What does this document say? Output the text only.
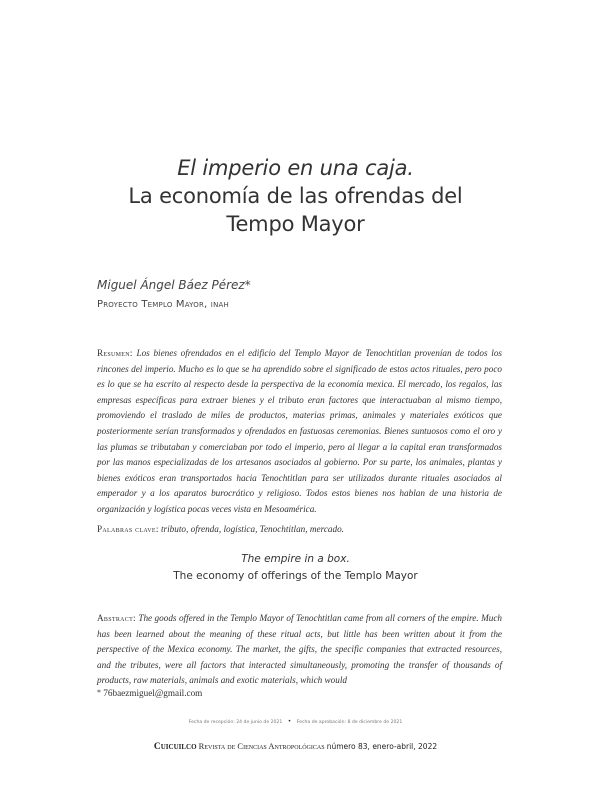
El imperio en una caja.
La economía de las ofrendas del
Tempo Mayor
Miguel Ángel Báez Pérez*
Proyecto Templo Mayor, inah
Resumen: Los bienes ofrendados en el edificio del Templo Mayor de Tenochtitlan provenían de todos los rincones del imperio. Mucho es lo que se ha aprendido sobre el significado de estos actos rituales, pero poco es lo que se ha escrito al respecto desde la perspectiva de la economía mexica. El mercado, los regalos, las empresas específicas para extraer bienes y el tributo eran factores que interactuaban al mismo tiempo, promoviendo el traslado de miles de productos, materias primas, animales y materiales exóticos que posteriormente serían transformados y ofrendados en fastuosas ceremonias. Bienes suntuosos como el oro y las plumas se tributaban y comerciaban por todo el imperio, pero al llegar a la capital eran transformados por las manos especializadas de los artesanos asociados al gobierno. Por su parte, los animales, plantas y bienes exóticos eran transportados hacia Tenochtitlan para ser utilizados durante rituales asociados al emperador y a los aparatos burocrático y religioso. Todos estos bienes nos hablan de una historia de organización y logística pocas veces vista en Mesoamérica.
Palabras clave: tributo, ofrenda, logística, Tenochtitlan, mercado.
The empire in a box.
The economy of offerings of the Templo Mayor
Abstract: The goods offered in the Templo Mayor of Tenochtitlan came from all corners of the empire. Much has been learned about the meaning of these ritual acts, but little has been written about it from the perspective of the Mexica economy. The market, the gifts, the specific companies that extracted resources, and the tributes, were all factors that interacted simultaneously, promoting the transfer of thousands of products, raw materials, animals and exotic materials, which would
* 76baezmiguel@gmail.com
Fecha de recepción: 24 de junio de 2021 • Fecha de aprobación: 8 de diciembre de 2021
Cuicuilco Revista de Ciencias Antropológicas número 83, enero-abril, 2022
